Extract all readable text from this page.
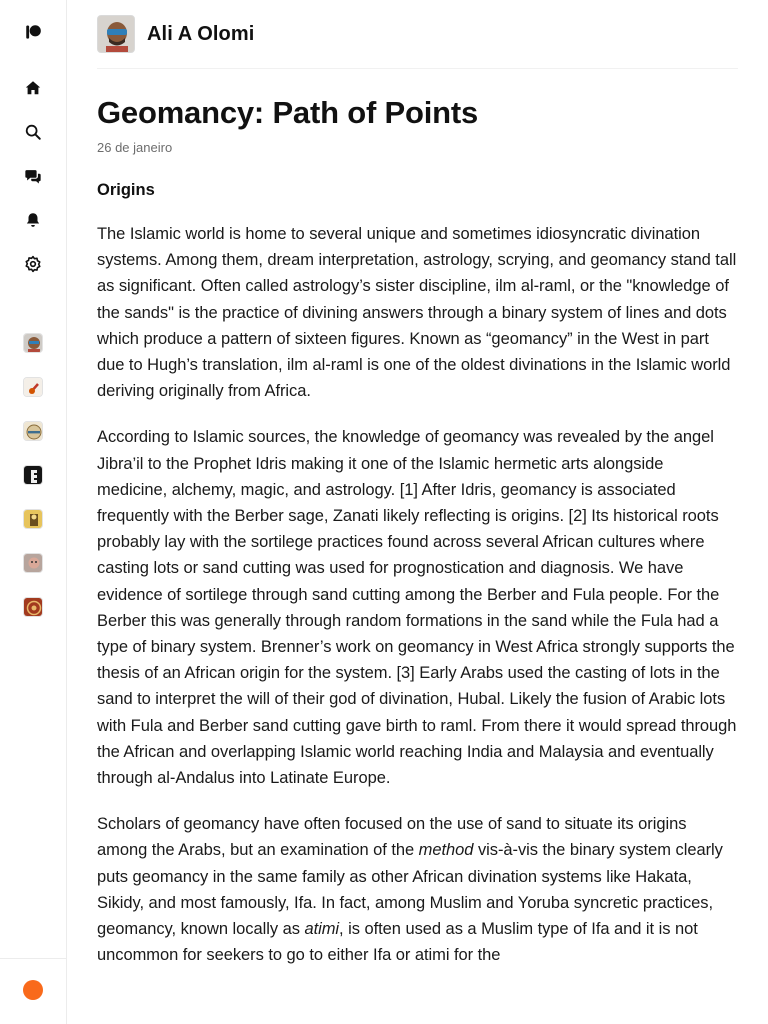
Ali A Olomi
Geomancy: Path of Points
26 de janeiro
Origins

The Islamic world is home to several unique and sometimes idiosyncratic divination systems. Among them, dream interpretation, astrology, scrying, and geomancy stand tall as significant. Often called astrology’s sister discipline, ilm al-raml, or the "knowledge of the sands" is the practice of divining answers through a binary system of lines and dots which produce a pattern of sixteen figures. Known as “geomancy” in the West in part due to Hugh’s translation, ilm al-raml is one of the oldest divinations in the Islamic world deriving originally from Africa.

According to Islamic sources, the knowledge of geomancy was revealed by the angel Jibra’il to the Prophet Idris making it one of the Islamic hermetic arts alongside medicine, alchemy, magic, and astrology. [1] After Idris, geomancy is associated frequently with the Berber sage, Zanati likely reflecting is origins. [2] Its historical roots probably lay with the sortilege practices found across several African cultures where casting lots or sand cutting was used for prognostication and diagnosis. We have evidence of sortilege through sand cutting among the Berber and Fula people. For the Berber this was generally through random formations in the sand while the Fula had a type of binary system. Brenner’s work on geomancy in West Africa strongly supports the thesis of an African origin for the system. [3] Early Arabs used the casting of lots in the sand to interpret the will of their god of divination, Hubal. Likely the fusion of Arabic lots with Fula and Berber sand cutting gave birth to raml. From there it would spread through the African and overlapping Islamic world reaching India and Malaysia and eventually through al-Andalus into Latinate Europe.

Scholars of geomancy have often focused on the use of sand to situate its origins among the Arabs, but an examination of the method vis-à-vis the binary system clearly puts geomancy in the same family as other African divination systems like Hakata, Sikidy, and most famously, Ifa. In fact, among Muslim and Yoruba syncretic practices, geomancy, known locally as atimi, is often used as a Muslim type of Ifa and it is not uncommon for seekers to go to either Ifa or atimi for the
